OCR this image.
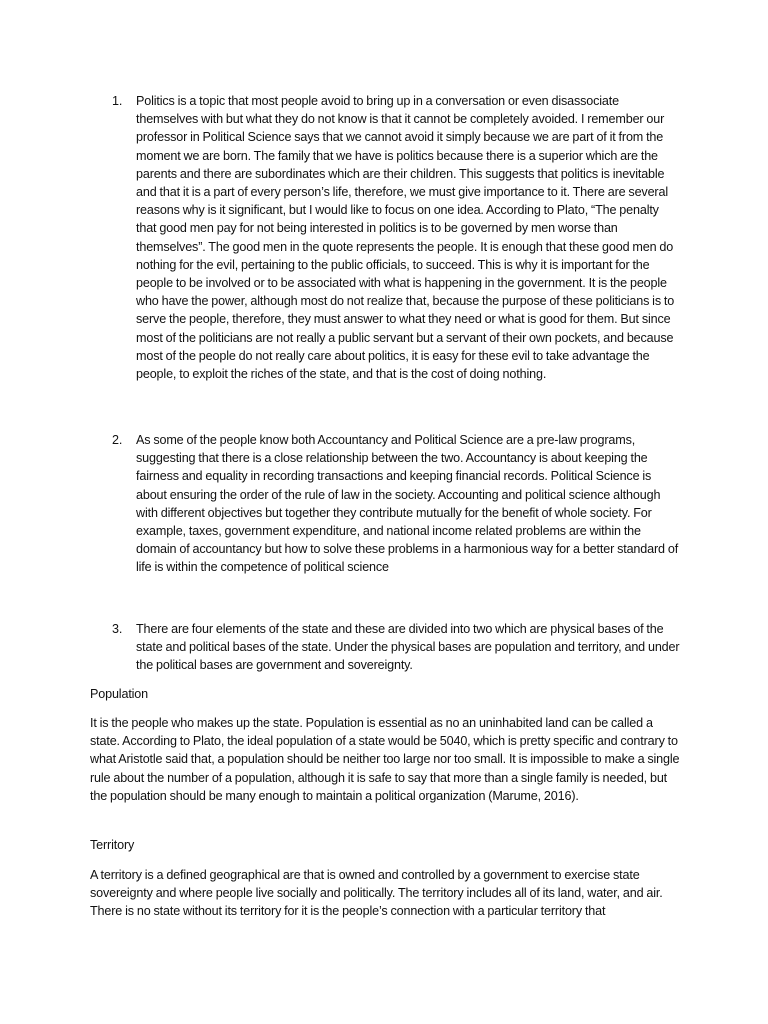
1.	Politics is a topic that most people avoid to bring up in a conversation or even disassociate themselves with but what they do not know is that it cannot be completely avoided. I remember our professor in Political Science says that we cannot avoid it simply because we are part of it from the moment we are born. The family that we have is politics because there is a superior which are the parents and there are subordinates which are their children. This suggests that politics is inevitable and that it is a part of every person’s life, therefore, we must give importance to it. There are several reasons why is it significant, but I would like to focus on one idea. According to Plato, “The penalty that good men pay for not being interested in politics is to be governed by men worse than themselves”. The good men in the quote represents the people. It is enough that these good men do nothing for the evil, pertaining to the public officials, to succeed. This is why it is important for the people to be involved or to be associated with what is happening in the government. It is the people who have the power, although most do not realize that, because the purpose of these politicians is to serve the people, therefore, they must answer to what they need or what is good for them. But since most of the politicians are not really a public servant but a servant of their own pockets, and because most of the people do not really care about politics, it is easy for these evil to take advantage the people, to exploit the riches of the state, and that is the cost of doing nothing.

2.	As some of the people know both Accountancy and Political Science are a pre-law programs, suggesting that there is a close relationship between the two. Accountancy is about keeping the fairness and equality in recording transactions and keeping financial records. Political Science is about ensuring the order of the rule of law in the society. Accounting and political science although with different objectives but together they contribute mutually for the benefit of whole society. For example, taxes, government expenditure, and national income related problems are within the domain of accountancy but how to solve these problems in a harmonious way for a better standard of life is within the competence of political science

3.	There are four elements of the state and these are divided into two which are physical bases of the state and political bases of the state. Under the physical bases are population and territory, and under the political bases are government and sovereignty.

Population

It is the people who makes up the state. Population is essential as no an uninhabited land can be called a state. According to Plato, the ideal population of a state would be 5040, which is pretty specific and contrary to what Aristotle said that, a population should be neither too large nor too small. It is impossible to make a single rule about the number of a population, although it is safe to say that more than a single family is needed, but the population should be many enough to maintain a political organization (Marume, 2016).

Territory

A territory is a defined geographical are that is owned and controlled by a government to exercise state sovereignty and where people live socially and politically. The territory includes all of its land, water, and air. There is no state without its territory for it is the people’s connection with a particular territory that
